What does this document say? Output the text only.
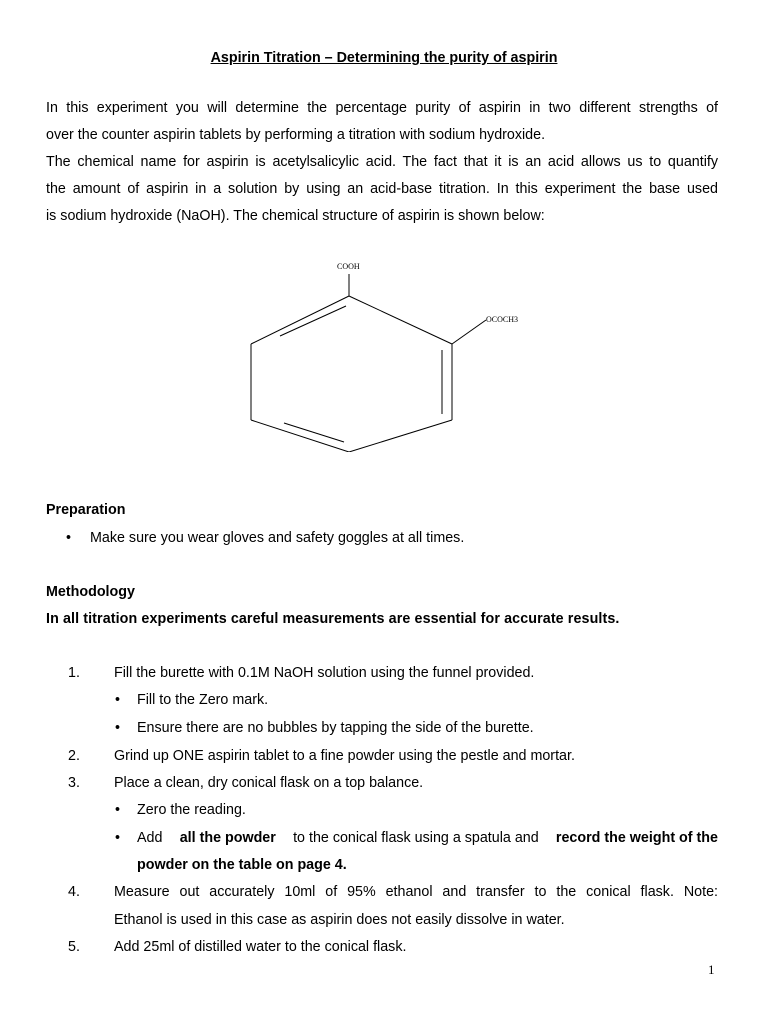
Aspirin Titration – Determining the purity of aspirin
In this experiment you will determine the percentage purity of aspirin in two different strengths of
over the counter aspirin tablets by performing a titration with sodium hydroxide.
The chemical name for aspirin is acetylsalicylic acid. The fact that it is an acid allows us to quantify
the amount of aspirin in a solution by using an acid-base titration. In this experiment the base used
is sodium hydroxide (NaOH). The chemical structure of aspirin is shown below:
COOH
OCOCH3
Preparation
• Make sure you wear gloves and safety goggles at all times.
Methodology
In all titration experiments careful measurements are essential for accurate results.
1. Fill the burette with 0.1M NaOH solution using the funnel provided.
• Fill to the Zero mark.
• Ensure there are no bubbles by tapping the side of the burette.
2. Grind up ONE aspirin tablet to a fine powder using the pestle and mortar.
3. Place a clean, dry conical flask on a top balance.
• Zero the reading.
• Add all the powder to the conical flask using a spatula and record the weight of the
powder on the table on page 4.
4. Measure out accurately 10ml of 95% ethanol and transfer to the conical flask. Note:
Ethanol is used in this case as aspirin does not easily dissolve in water.
5. Add 25ml of distilled water to the conical flask.
1
